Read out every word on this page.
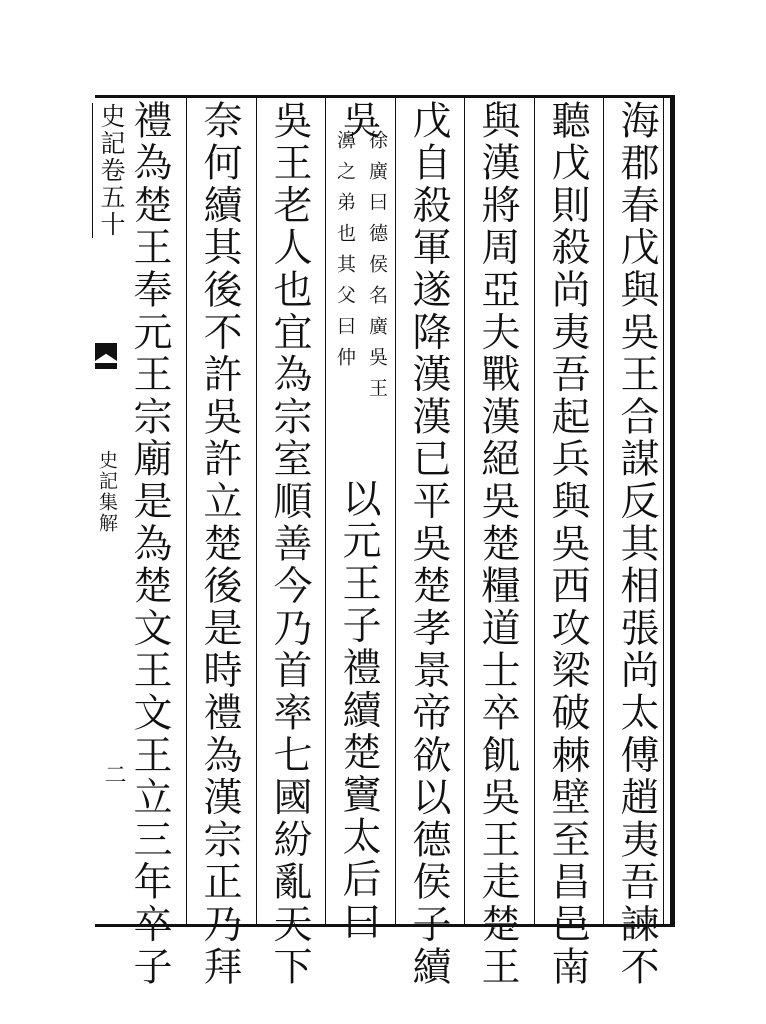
史記卷五十
史記集解
二	海郡春戊與吳王合謀反其相張尚太傅趙夷吾諫不
聽戊則殺尚夷吾起兵與吳西攻梁破棘壁至昌邑南
與漢將周亞夫戰漢絕吳楚糧道士卒飢吳王走楚王
戊自殺軍遂降漢漢已平吳楚孝景帝欲以德侯子續
吳
徐廣曰德侯名廣吳王
濞之弟也其父曰仲
以元王子禮續楚竇太后曰
吳王老人也宜為宗室順善今乃首率七國紛亂天下
奈何續其後不許吳許立楚後是時禮為漢宗正乃拜
禮為楚王奉元王宗廟是為楚文王文王立三年卒子
